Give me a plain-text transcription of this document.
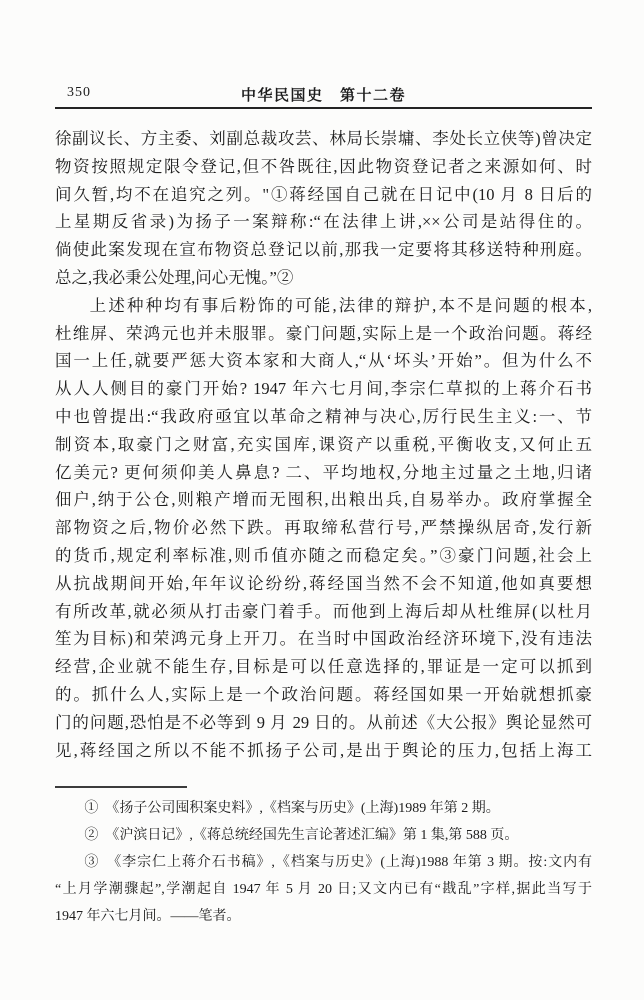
350	中华民国史　第十二卷
徐副议长、方主委、刘副总裁攻芸、林局长崇墉、李处长立侠等)曾决定
物资按照规定限令登记,但不咎既往,因此物资登记者之来源如何、时
间久暂,均不在追究之列。"①蒋经国自己就在日记中(10 月 8 日后的
上星期反省录)为扬子一案辩称:“在法律上讲,××公司是站得住的。
倘使此案发现在宣布物资总登记以前,那我一定要将其移送特种刑庭。
总之,我必秉公处理,问心无愧。”②
上述种种均有事后粉饰的可能,法律的辩护,本不是问题的根本,
杜维屏、荣鸿元也并未服罪。豪门问题,实际上是一个政治问题。蒋经
国一上任,就要严惩大资本家和大商人,“从‘坏头’开始”。但为什么不
从人人侧目的豪门开始? 1947 年六七月间,李宗仁草拟的上蒋介石书
中也曾提出:“我政府亟宜以革命之精神与决心,厉行民生主义:一、节
制资本,取豪门之财富,充实国库,课资产以重税,平衡收支,又何止五
亿美元? 更何须仰美人鼻息? 二、平均地权,分地主过量之土地,归诸
佃户,纳于公仓,则粮产增而无囤积,出粮出兵,自易举办。政府掌握全
部物资之后,物价必然下跌。再取缔私营行号,严禁操纵居奇,发行新
的货币,规定利率标准,则币值亦随之而稳定矣。”③豪门问题,社会上
从抗战期间开始,年年议论纷纷,蒋经国当然不会不知道,他如真要想
有所改革,就必须从打击豪门着手。而他到上海后却从杜维屏(以杜月
笙为目标)和荣鸿元身上开刀。在当时中国政治经济环境下,没有违法
经营,企业就不能生存,目标是可以任意选择的,罪证是一定可以抓到
的。抓什么人,实际上是一个政治问题。蒋经国如果一开始就想抓豪
门的问题,恐怕是不必等到 9 月 29 日的。从前述《大公报》舆论显然可
见,蒋经国之所以不能不抓扬子公司,是出于舆论的压力,包括上海工
①　《扬子公司囤积案史料》,《档案与历史》(上海)1989 年第 2 期。
②　《沪滨日记》,《蒋总统经国先生言论著述汇编》第 1 集,第 588 页。
③　《李宗仁上蒋介石书稿》,《档案与历史》(上海)1988 年第 3 期。按:文内有
“上月学潮骤起”,学潮起自 1947 年 5 月 20 日;又文内已有“戡乱”字样,据此当写于
1947 年六七月间。——笔者。
